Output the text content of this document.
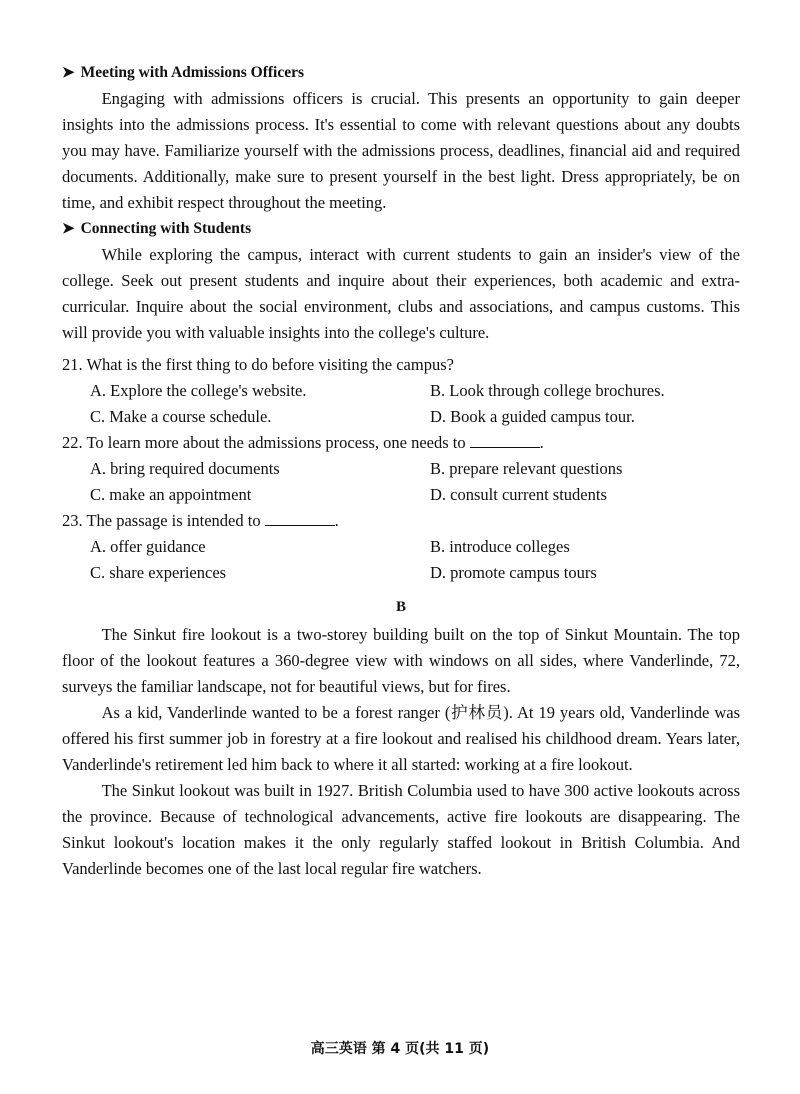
➤ Meeting with Admissions Officers

Engaging with admissions officers is crucial. This presents an opportunity to gain deeper insights into the admissions process. It's essential to come with relevant questions about any doubts you may have. Familiarize yourself with the admissions process, deadlines, financial aid and required documents. Additionally, make sure to present yourself in the best light. Dress appropriately, be on time, and exhibit respect throughout the meeting.

➤ Connecting with Students

While exploring the campus, interact with current students to gain an insider's view of the college. Seek out present students and inquire about their experiences, both academic and extra-curricular. Inquire about the social environment, clubs and associations, and campus customs. This will provide you with valuable insights into the college's culture.

21. What is the first thing to do before visiting the campus?

A. Explore the college's website.	B. Look through college brochures.
C. Make a course schedule.	D. Book a guided campus tour.

22. To learn more about the admissions process, one needs to	.

A. bring required documents	B. prepare relevant questions
C. make an appointment	D. consult current students

23. The passage is intended to	.

A. offer guidance	B. introduce colleges
C. share experiences	D. promote campus tours
B

The Sinkut fire lookout is a two-storey building built on the top of Sinkut Mountain. The top floor of the lookout features a 360-degree view with windows on all sides, where Vanderlinde, 72, surveys the familiar landscape, not for beautiful views, but for fires.

As a kid, Vanderlinde wanted to be a forest ranger (护林员). At 19 years old, Vanderlinde was offered his first summer job in forestry at a fire lookout and realised his childhood dream. Years later, Vanderlinde's retirement led him back to where it all started: working at a fire lookout.

The Sinkut lookout was built in 1927. British Columbia used to have 300 active lookouts across the province. Because of technological advancements, active fire lookouts are disappearing. The Sinkut lookout's location makes it the only regularly staffed lookout in British Columbia. And Vanderlinde becomes one of the last local regular fire watchers.

高三英语 第 4 页(共 11 页)
